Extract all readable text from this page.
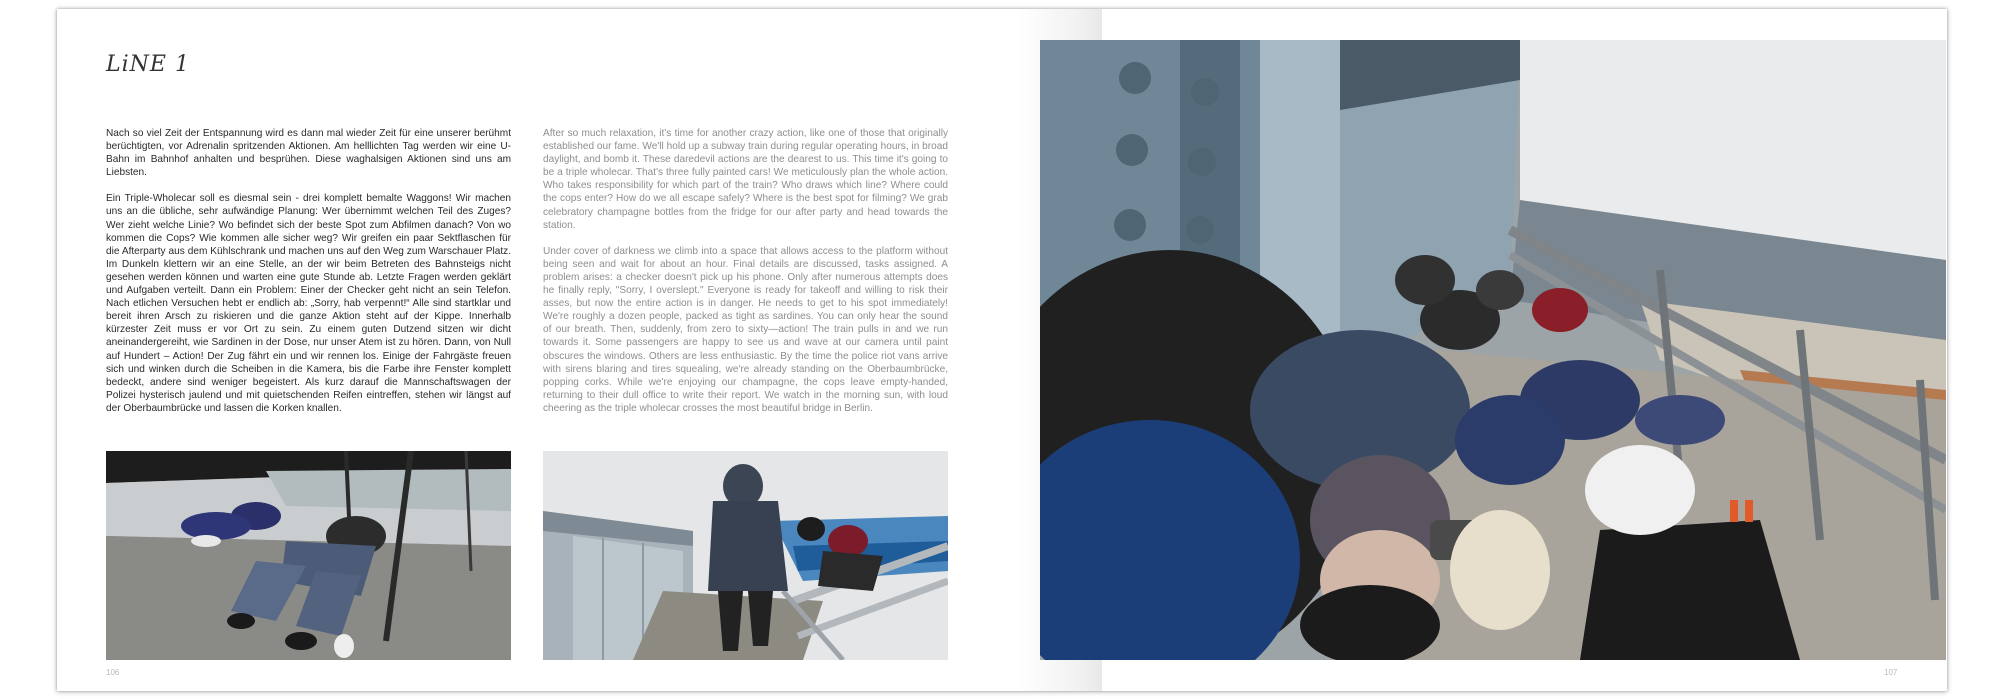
LiNE 1

Nach so viel Zeit der Entspannung wird es dann mal wieder Zeit für eine unserer berühmt berüchtigten, vor Adrenalin spritzenden Aktionen. Am helllichten Tag werden wir eine U-Bahn im Bahnhof anhalten und besprühen. Diese waghalsigen Aktionen sind uns am Liebsten.

Ein Triple-Wholecar soll es diesmal sein - drei komplett bemalte Waggons! Wir machen uns an die übliche, sehr aufwändige Planung: Wer übernimmt welchen Teil des Zuges? Wer zieht welche Linie? Wo befindet sich der beste Spot zum Abfilmen danach? Von wo kommen die Cops? Wie kommen alle sicher weg? Wir greifen ein paar Sektflaschen für die Afterparty aus dem Kühlschrank und machen uns auf den Weg zum Warschauer Platz. Im Dunkeln klettern wir an eine Stelle, an der wir beim Betreten des Bahnsteigs nicht gesehen werden können und warten eine gute Stunde ab. Letzte Fragen werden geklärt und Aufgaben verteilt. Dann ein Problem: Einer der Checker geht nicht an sein Telefon. Nach etlichen Versuchen hebt er endlich ab: „Sorry, hab verpennt!“ Alle sind startklar und bereit ihren Arsch zu riskieren und die ganze Aktion steht auf der Kippe. Innerhalb kürzester Zeit muss er vor Ort zu sein. Zu einem guten Dutzend sitzen wir dicht aneinandergereiht, wie Sardinen in der Dose, nur unser Atem ist zu hören. Dann, von Null auf Hundert – Action! Der Zug fährt ein und wir rennen los. Einige der Fahrgäste freuen sich und winken durch die Scheiben in die Kamera, bis die Farbe ihre Fenster komplett bedeckt, andere sind weniger begeistert. Als kurz darauf die Mannschaftswagen der Polizei hysterisch jaulend und mit quietschenden Reifen eintreffen, stehen wir längst auf der Oberbaumbrücke und lassen die Korken knallen.

After so much relaxation, it's time for another crazy action, like one of those that originally established our fame. We'll hold up a subway train during regular operating hours, in broad daylight, and bomb it. These daredevil actions are the dearest to us. This time it's going to be a triple wholecar. That's three fully painted cars! We meticulously plan the whole action. Who takes responsibility for which part of the train? Who draws which line? Where could the cops enter? How do we all escape safely? Where is the best spot for filming? We grab celebratory champagne bottles from the fridge for our after party and head towards the station.

Under cover of darkness we climb into a space that allows access to the platform without being seen and wait for about an hour. Final details are discussed, tasks assigned. A problem arises: a checker doesn't pick up his phone. Only after numerous attempts does he finally reply, "Sorry, I overslept." Everyone is ready for takeoff and willing to risk their asses, but now the entire action is in danger. He needs to get to his spot immediately! We're roughly a dozen people, packed as tight as sardines. You can only hear the sound of our breath. Then, suddenly, from zero to sixty—action! The train pulls in and we run towards it. Some passengers are happy to see us and wave at our camera until paint obscures the windows. Others are less enthusiastic. By the time the police riot vans arrive with sirens blaring and tires squealing, we're already standing on the Oberbaumbrücke, popping corks. While we're enjoying our champagne, the cops leave empty-handed, returning to their dull office to write their report. We watch in the morning sun, with loud cheering as the triple wholecar crosses the most beautiful bridge in Berlin.

106	107
